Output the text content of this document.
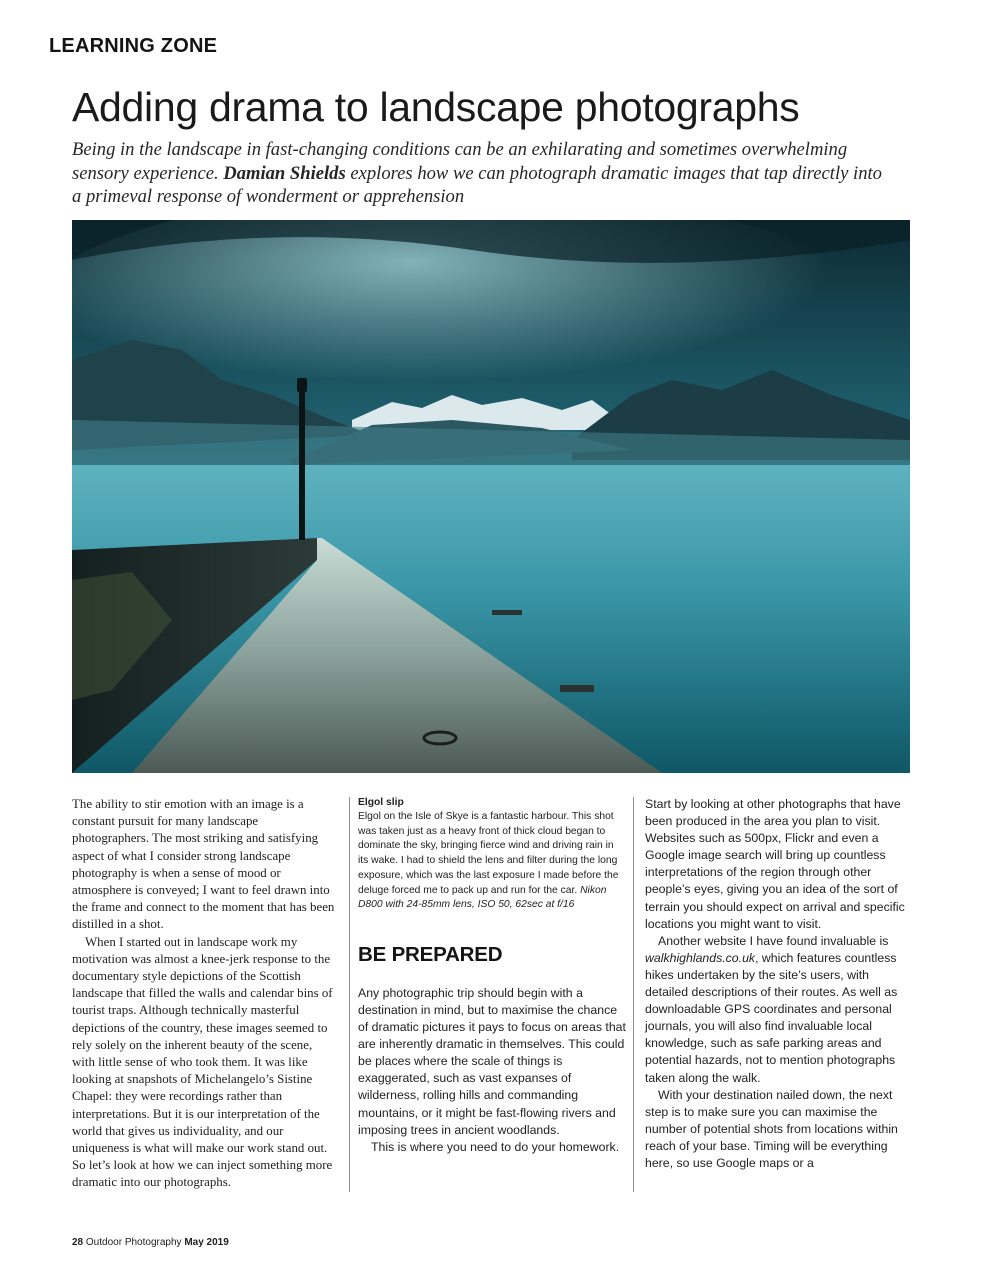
LEARNING ZONE
Adding drama to landscape photographs
Being in the landscape in fast-changing conditions can be an exhilarating and sometimes overwhelming sensory experience. Damian Shields explores how we can photograph dramatic images that tap directly into a primeval response of wonderment or apprehension

The ability to stir emotion with an image is a constant pursuit for many landscape photographers. The most striking and satisfying aspect of what I consider strong landscape photography is when a sense of mood or atmosphere is conveyed; I want to feel drawn into the frame and connect to the moment that has been distilled in a shot.

When I started out in landscape work my motivation was almost a knee-jerk response to the documentary style depictions of the Scottish landscape that filled the walls and calendar bins of tourist traps. Although technically masterful depictions of the country, these images seemed to rely solely on the inherent beauty of the scene, with little sense of who took them. It was like looking at snapshots of Michelangelo’s Sistine Chapel: they were recordings rather than interpretations. But it is our interpretation of the world that gives us individuality, and our uniqueness is what will make our work stand out. So let’s look at how we can inject something more dramatic into our photographs.

Elgol slip
Elgol on the Isle of Skye is a fantastic harbour. This shot was taken just as a heavy front of thick cloud began to dominate the sky, bringing fierce wind and driving rain in its wake. I had to shield the lens and filter during the long exposure, which was the last exposure I made before the deluge forced me to pack up and run for the car. Nikon D800 with 24-85mm lens, ISO 50, 62sec at f/16
BE PREPARED

Any photographic trip should begin with a destination in mind, but to maximise the chance of dramatic pictures it pays to focus on areas that are inherently dramatic in themselves. This could be places where the scale of things is exaggerated, such as vast expanses of wilderness, rolling hills and commanding mountains, or it might be fast-flowing rivers and imposing trees in ancient woodlands.

This is where you need to do your homework.

Start by looking at other photographs that have been produced in the area you plan to visit. Websites such as 500px, Flickr and even a Google image search will bring up countless interpretations of the region through other people’s eyes, giving you an idea of the sort of terrain you should expect on arrival and specific locations you might want to visit.

Another website I have found invaluable is walkhighlands.co.uk, which features countless hikes undertaken by the site’s users, with detailed descriptions of their routes. As well as downloadable GPS coordinates and personal journals, you will also find invaluable local knowledge, such as safe parking areas and potential hazards, not to mention photographs taken along the walk.

With your destination nailed down, the next step is to make sure you can maximise the number of potential shots from locations within reach of your base. Timing will be everything here, so use Google maps or a

28 Outdoor Photography May 2019
